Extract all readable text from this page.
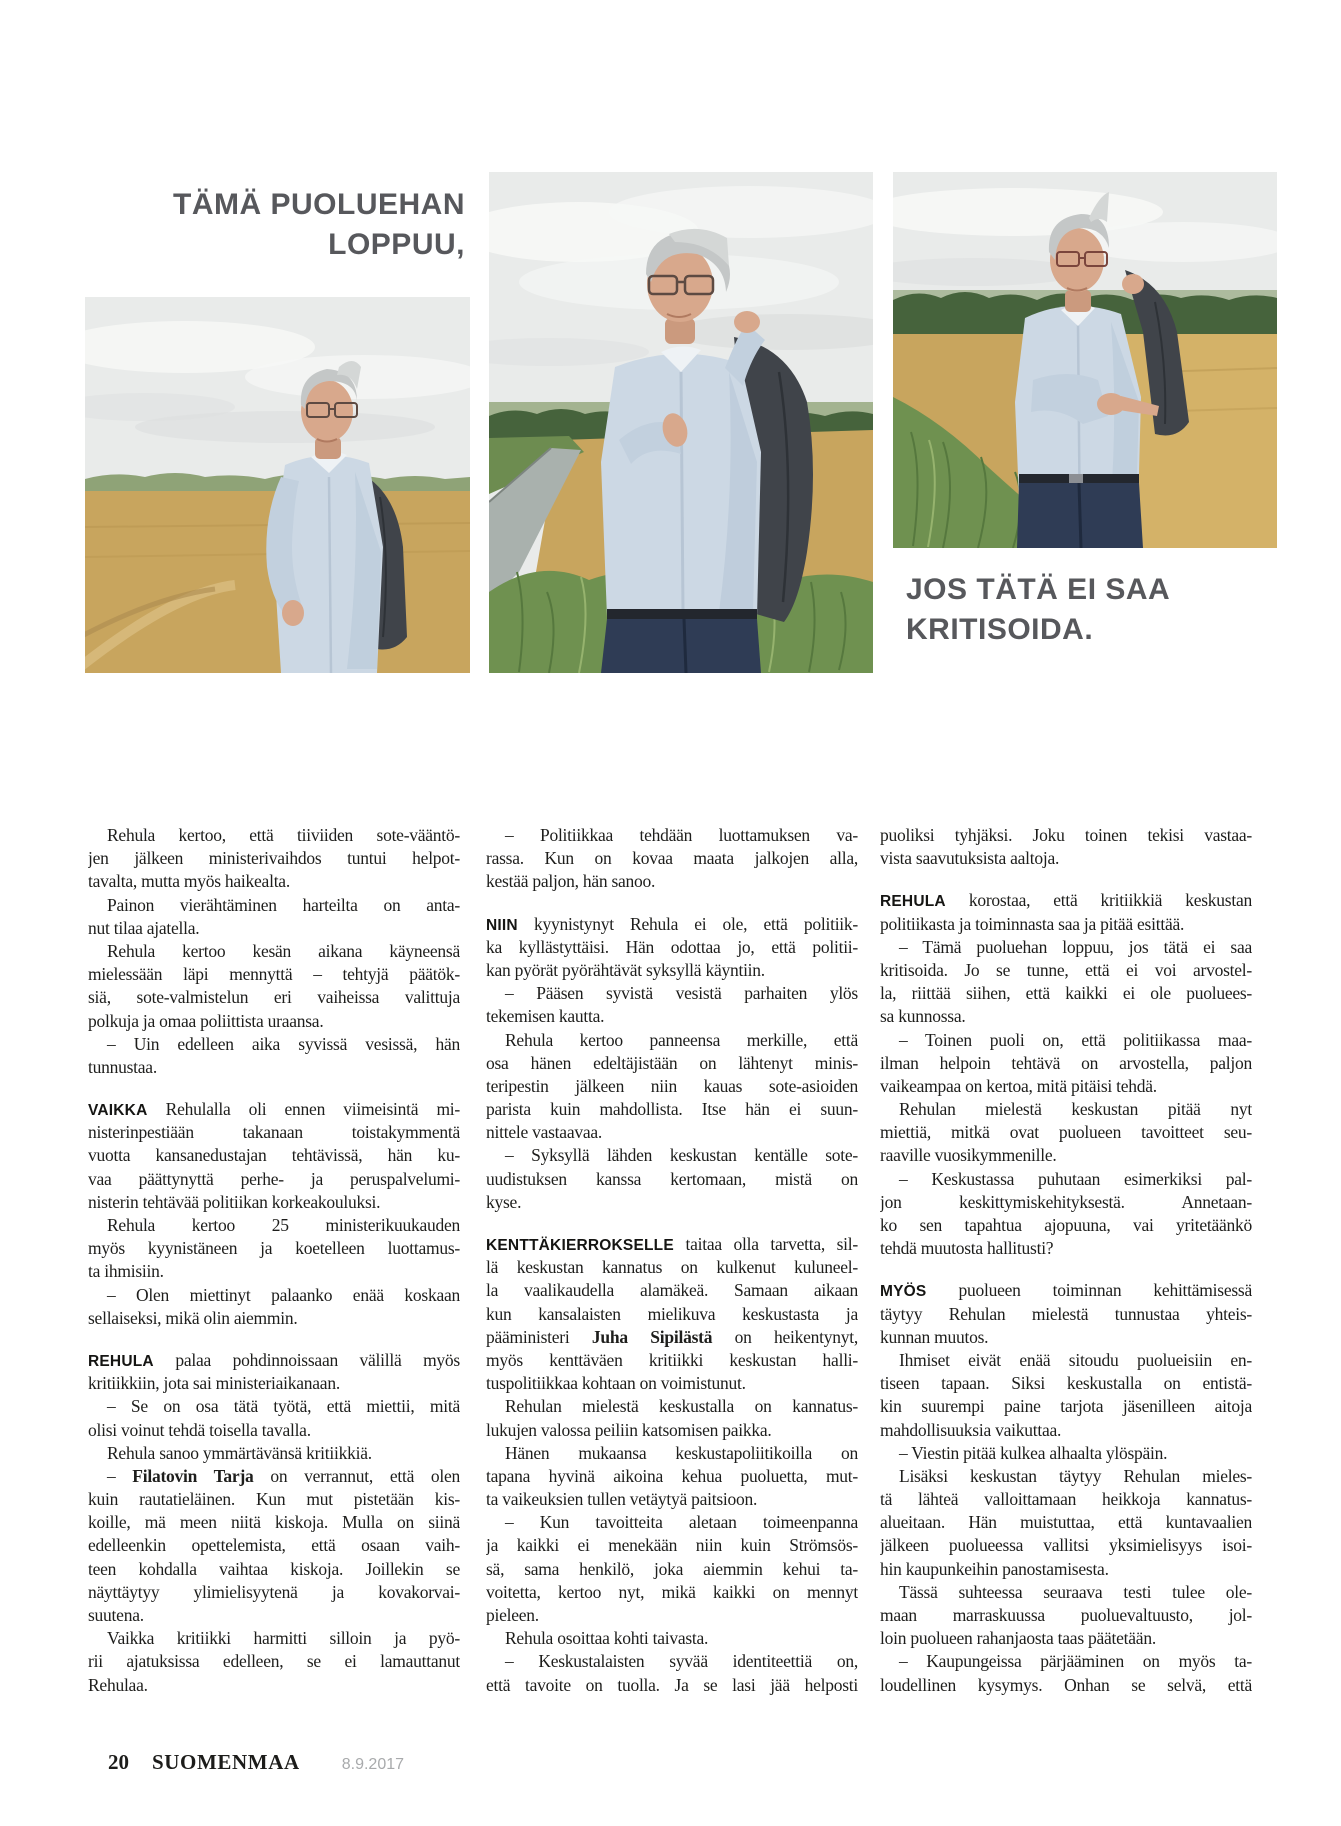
TÄMÄ PUOLUEHAN
LOPPUU,
JOS TÄTÄ EI SAA
KRITISOIDA.
Rehula kertoo, että tiiviiden sote-vääntö-
jen jälkeen ministerivaihdos tuntui helpot-
tavalta, mutta myös haikealta.
Painon vierähtäminen harteilta on anta-
nut tilaa ajatella.
Rehula kertoo kesän aikana käyneensä
mielessään läpi mennyttä – tehtyjä päätök-
siä, sote-valmistelun eri vaiheissa valittuja
polkuja ja omaa poliittista uraansa.
– Uin edelleen aika syvissä vesissä, hän
tunnustaa.
VAIKKA Rehulalla oli ennen viimeisintä mi-
nisterinpestiään takanaan toistakymmentä
vuotta kansanedustajan tehtävissä, hän ku-
vaa päättynyttä perhe- ja peruspalvelumi-
nisterin tehtävää politiikan korkeakouluksi.
Rehula kertoo 25 ministerikuukauden
myös kyynistäneen ja koetelleen luottamus-
ta ihmisiin.
– Olen miettinyt palaanko enää koskaan
sellaiseksi, mikä olin aiemmin.
REHULA palaa pohdinnoissaan välillä myös
kritiikkiin, jota sai ministeriaikanaan.
– Se on osa tätä työtä, että miettii, mitä
olisi voinut tehdä toisella tavalla.
Rehula sanoo ymmärtävänsä kritiikkiä.
– Filatovin Tarja on verrannut, että olen
kuin rautatieläinen. Kun mut pistetään kis-
koille, mä meen niitä kiskoja. Mulla on siinä
edelleenkin opettelemista, että osaan vaih-
teen kohdalla vaihtaa kiskoja. Joillekin se
näyttäytyy ylimielisyytenä ja kovakorvai-
suutena.
Vaikka kritiikki harmitti silloin ja pyö-
rii ajatuksissa edelleen, se ei lamauttanut
Rehulaa.
– Politiikkaa tehdään luottamuksen va-
rassa. Kun on kovaa maata jalkojen alla,
kestää paljon, hän sanoo.
NIIN kyynistynyt Rehula ei ole, että politiik-
ka kyllästyttäisi. Hän odottaa jo, että politii-
kan pyörät pyörähtävät syksyllä käyntiin.
– Pääsen syvistä vesistä parhaiten ylös
tekemisen kautta.
Rehula kertoo panneensa merkille, että
osa hänen edeltäjistään on lähtenyt minis-
teripestin jälkeen niin kauas sote-asioiden
parista kuin mahdollista. Itse hän ei suun-
nittele vastaavaa.
– Syksyllä lähden keskustan kentälle sote-
uudistuksen kanssa kertomaan, mistä on
kyse.
KENTTÄKIERROKSELLE taitaa olla tarvetta, sil-
lä keskustan kannatus on kulkenut kuluneel-
la vaalikaudella alamäkeä. Samaan aikaan
kun kansalaisten mielikuva keskustasta ja
pääministeri Juha Sipilästä on heikentynyt,
myös kenttäväen kritiikki keskustan halli-
tuspolitiikkaa kohtaan on voimistunut.
Rehulan mielestä keskustalla on kannatus-
lukujen valossa peiliin katsomisen paikka.
Hänen mukaansa keskustapoliitikoilla on
tapana hyvinä aikoina kehua puoluetta, mut-
ta vaikeuksien tullen vetäytyä paitsioon.
– Kun tavoitteita aletaan toimeenpanna
ja kaikki ei menekään niin kuin Strömsös-
sä, sama henkilö, joka aiemmin kehui ta-
voitetta, kertoo nyt, mikä kaikki on mennyt
pieleen.
Rehula osoittaa kohti taivasta.
– Keskustalaisten syvää identiteettiä on,
että tavoite on tuolla. Ja se lasi jää helposti
puoliksi tyhjäksi. Joku toinen tekisi vastaa-
vista saavutuksista aaltoja.
REHULA korostaa, että kritiikkiä keskustan
politiikasta ja toiminnasta saa ja pitää esittää.
– Tämä puoluehan loppuu, jos tätä ei saa
kritisoida. Jo se tunne, että ei voi arvostel-
la, riittää siihen, että kaikki ei ole puoluees-
sa kunnossa.
– Toinen puoli on, että politiikassa maa-
ilman helpoin tehtävä on arvostella, paljon
vaikeampaa on kertoa, mitä pitäisi tehdä.
Rehulan mielestä keskustan pitää nyt
miettiä, mitkä ovat puolueen tavoitteet seu-
raaville vuosikymmenille.
– Keskustassa puhutaan esimerkiksi pal-
jon keskittymiskehityksestä. Annetaan-
ko sen tapahtua ajopuuna, vai yritetäänkö
tehdä muutosta hallitusti?
MYÖS puolueen toiminnan kehittämisessä
täytyy Rehulan mielestä tunnustaa yhteis-
kunnan muutos.
Ihmiset eivät enää sitoudu puolueisiin en-
tiseen tapaan. Siksi keskustalla on entistä-
kin suurempi paine tarjota jäsenilleen aitoja
mahdollisuuksia vaikuttaa.
– Viestin pitää kulkea alhaalta ylöspäin.
Lisäksi keskustan täytyy Rehulan mieles-
tä lähteä valloittamaan heikkoja kannatus-
alueitaan. Hän muistuttaa, että kuntavaalien
jälkeen puolueessa vallitsi yksimielisyys isoi-
hin kaupunkeihin panostamisesta.
Tässä suhteessa seuraava testi tulee ole-
maan marraskuussa puoluevaltuusto, jol-
loin puolueen rahanjaosta taas päätetään.
– Kaupungeissa pärjääminen on myös ta-
loudellinen kysymys. Onhan se selvä, että
20 SUOMENMAA	8.9.2017
